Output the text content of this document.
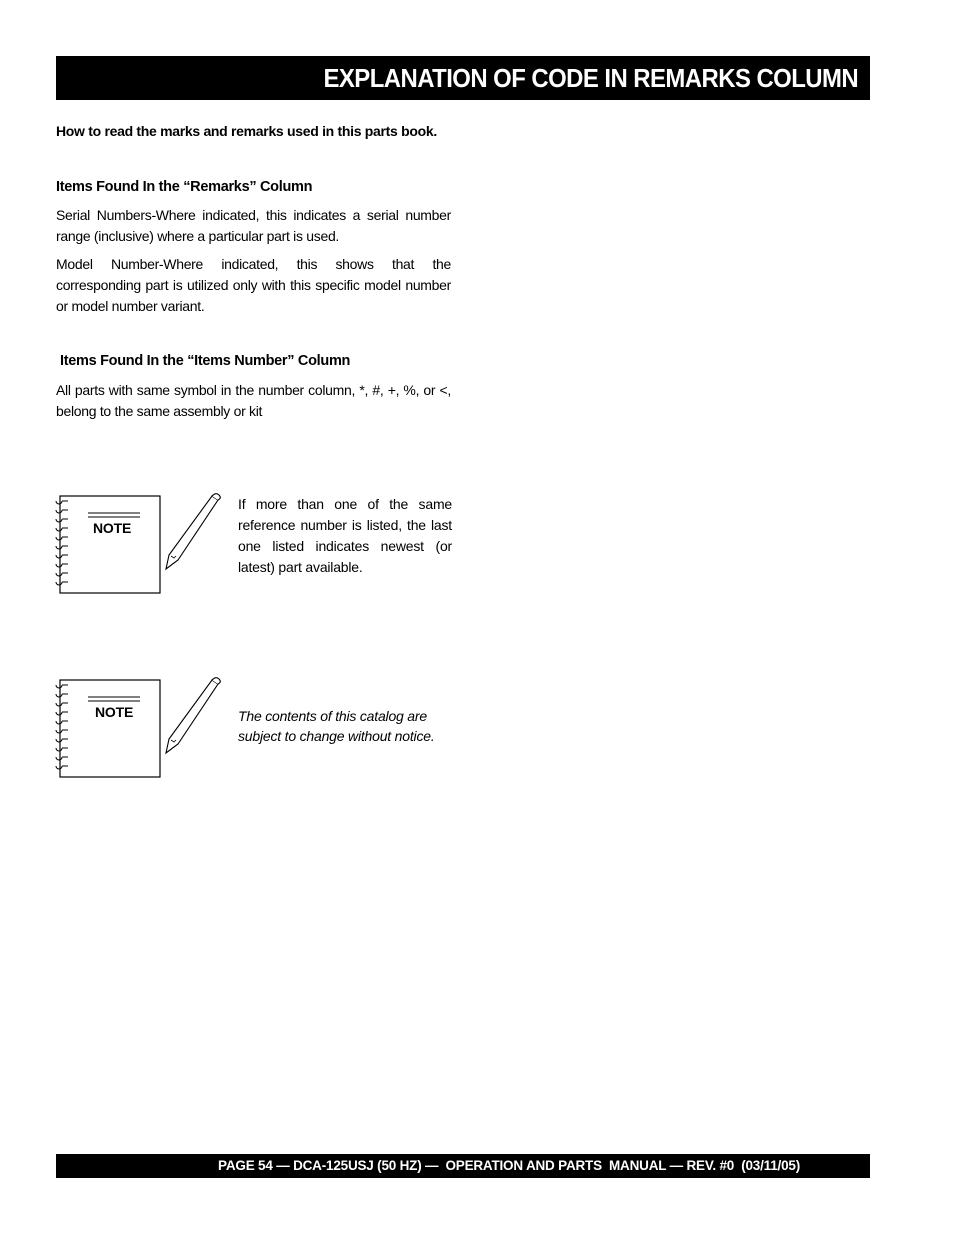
EXPLANATION OF CODE IN REMARKS COLUMN
How to read the marks and remarks used in this parts book.
Items Found In the “Remarks” Column
Serial Numbers-Where indicated, this indicates a serial number range (inclusive) where a particular part is used.
Model Number-Where indicated, this shows that the corresponding part is utilized only with this specific model number or model number variant.
Items Found In the “Items Number” Column
All parts with same symbol in the number column, *, #, +, %, or <, belong to the same assembly or kit
NOTE
If more than one of the same reference number is listed, the last one listed indicates newest (or latest) part available.
NOTE	The contents of this catalog are subject to change without notice.
PAGE 54 — DCA-125USJ (50 HZ) —  OPERATION AND PARTS  MANUAL — REV. #0  (03/11/05)
